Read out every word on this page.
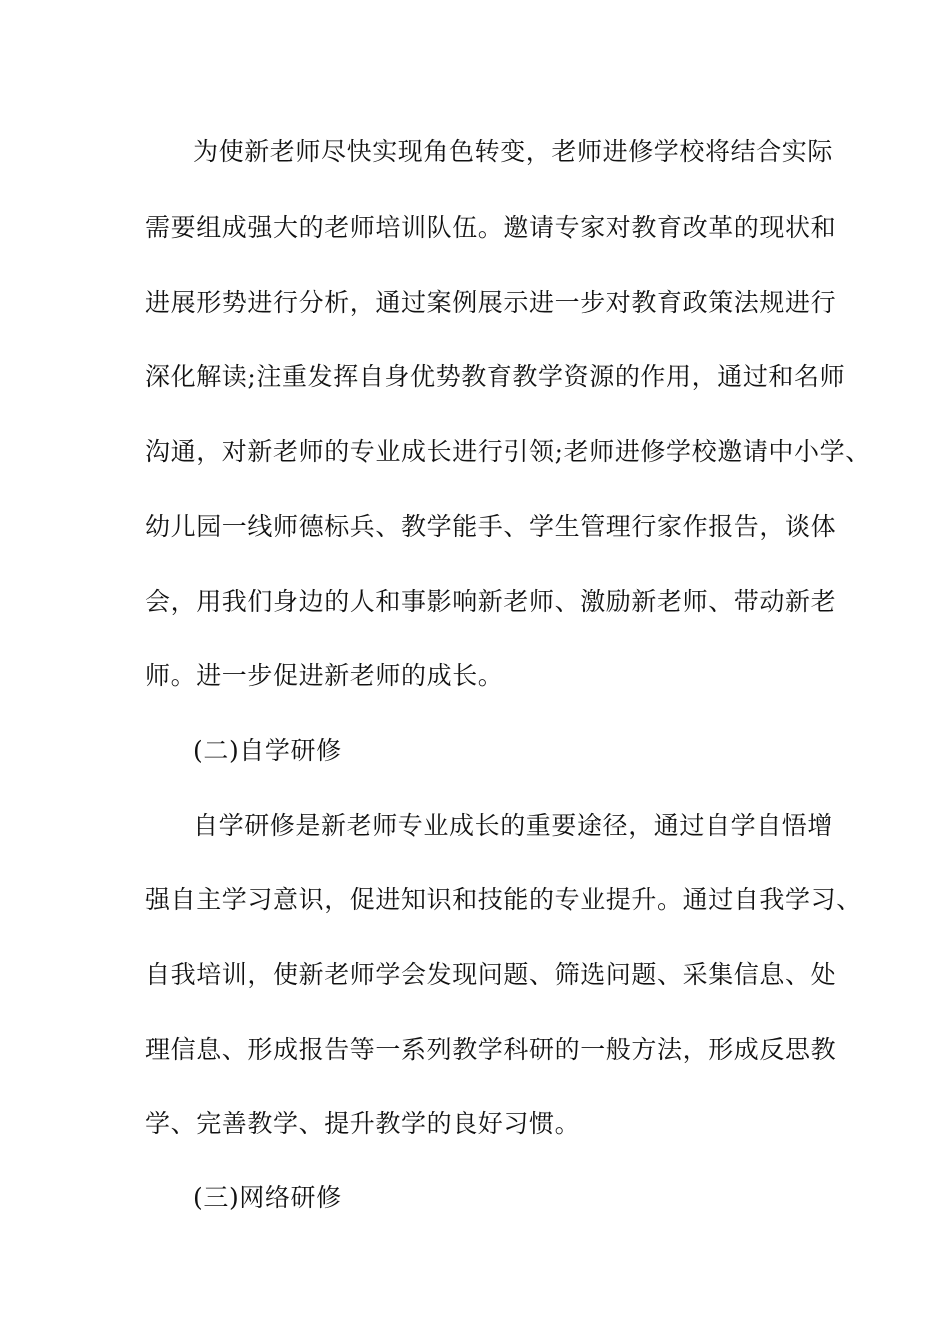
为使新老师尽快实现角色转变，老师进修学校将结合实际
需要组成强大的老师培训队伍。邀请专家对教育改革的现状和
进展形势进行分析，通过案例展示进一步对教育政策法规进行
深化解读;注重发挥自身优势教育教学资源的作用，通过和名师
沟通，对新老师的专业成长进行引领;老师进修学校邀请中小学、
幼儿园一线师德标兵、教学能手、学生管理行家作报告，谈体
会，用我们身边的人和事影响新老师、激励新老师、带动新老
师。进一步促进新老师的成长。
(二)自学研修
自学研修是新老师专业成长的重要途径，通过自学自悟增
强自主学习意识，促进知识和技能的专业提升。通过自我学习、
自我培训，使新老师学会发现问题、筛选问题、采集信息、处
理信息、形成报告等一系列教学科研的一般方法，形成反思教
学、完善教学、提升教学的良好习惯。
(三)网络研修
